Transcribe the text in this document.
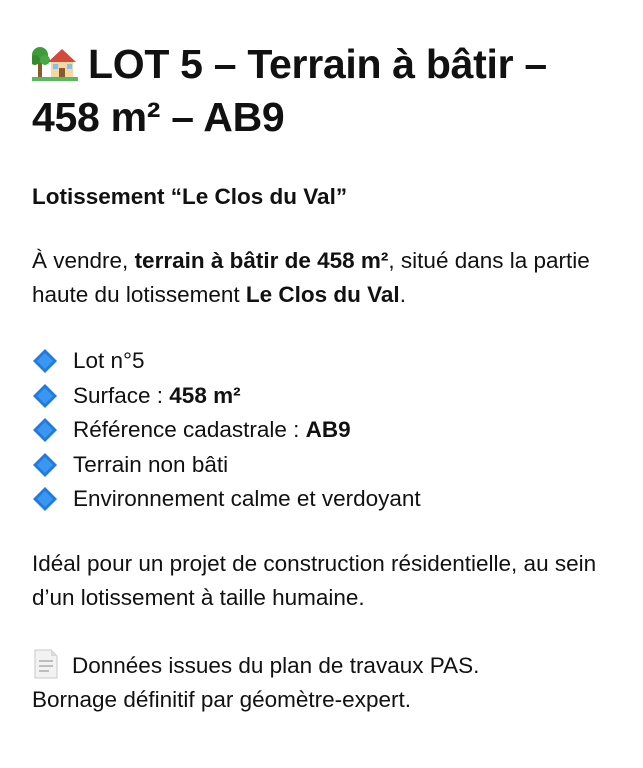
LOT 5 – Terrain à bâtir – 458 m² – AB9
Lotissement “Le Clos du Val”
À vendre, terrain à bâtir de 458 m², situé dans la partie haute du lotissement Le Clos du Val.
Lot n°5
Surface : 458 m²
Référence cadastrale : AB9
Terrain non bâti
Environnement calme et verdoyant
Idéal pour un projet de construction résidentielle, au sein d’un lotissement à taille humaine.
Données issues du plan de travaux PAS.
Bornage définitif par géomètre-expert.
